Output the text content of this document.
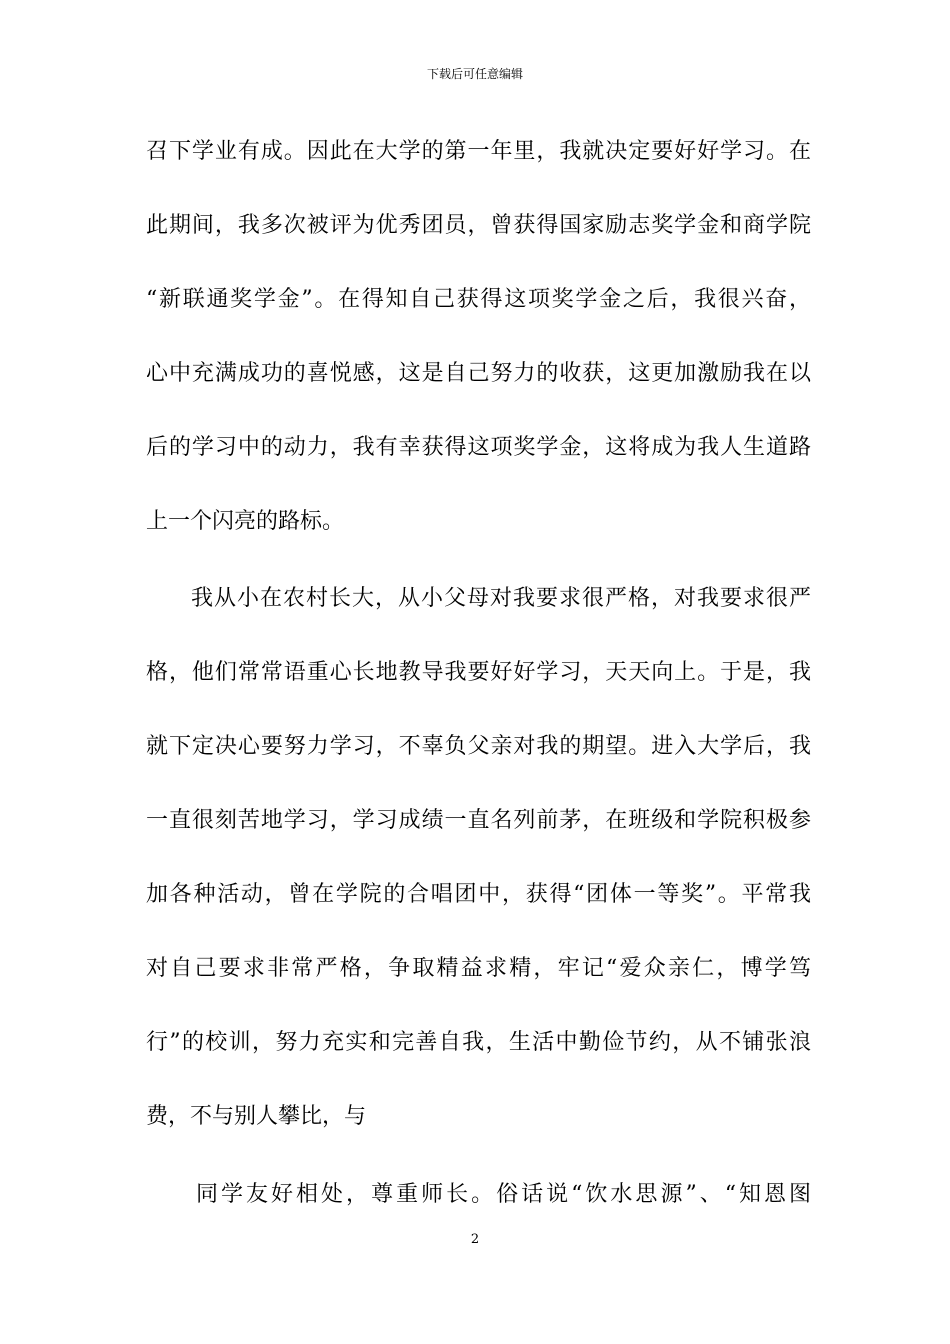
下载后可任意编辑
召下学业有成。因此在大学的第一年里，我就决定要好好学习。在
此期间，我多次被评为优秀团员，曾获得国家励志奖学金和商学院
“新联通奖学金”。在得知自己获得这项奖学金之后，我很兴奋，
心中充满成功的喜悦感，这是自己努力的收获，这更加激励我在以
后的学习中的动力，我有幸获得这项奖学金，这将成为我人生道路
上一个闪亮的路标。
我从小在农村长大，从小父母对我要求很严格，对我要求很严
格，他们常常语重心长地教导我要好好学习，天天向上。于是，我
就下定决心要努力学习，不辜负父亲对我的期望。进入大学后，我
一直很刻苦地学习，学习成绩一直名列前茅，在班级和学院积极参
加各种活动，曾在学院的合唱团中，获得“团体一等奖”。平常我
对自己要求非常严格，争取精益求精，牢记“爱众亲仁，博学笃
行”的校训，努力充实和完善自我，生活中勤俭节约，从不铺张浪
费，不与别人攀比，与
同学友好相处，尊重师长。俗话说“饮水思源”、“知恩图
2
